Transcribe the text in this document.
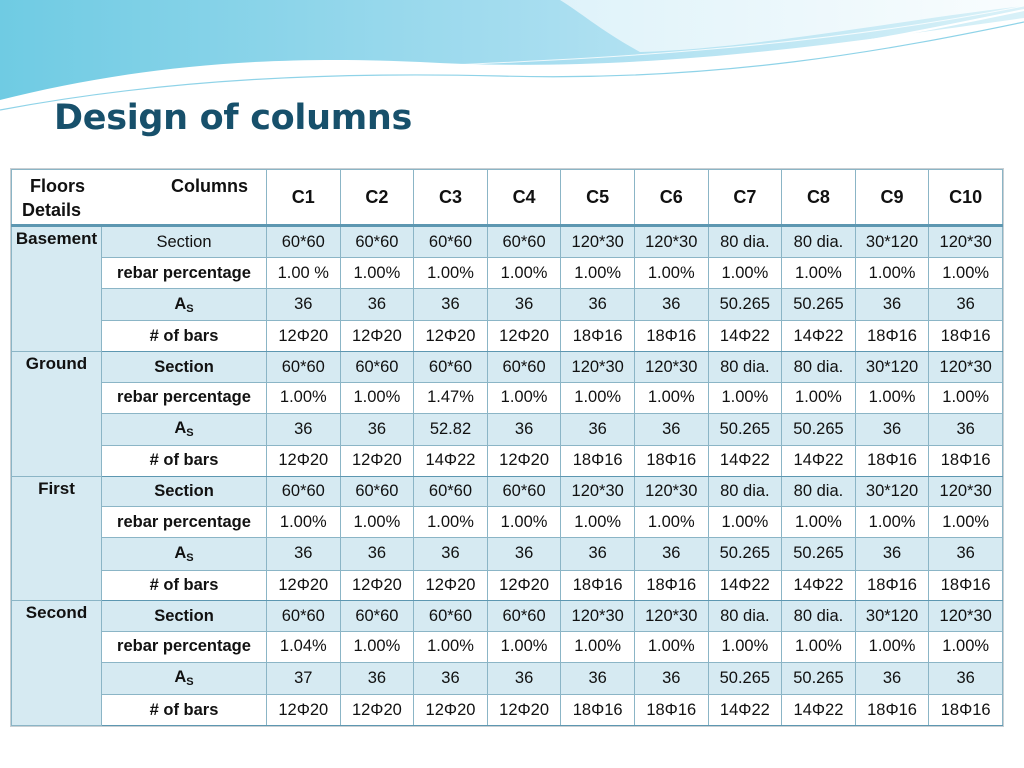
Design of columns
Floors Columns
Details		C1	C2	C3	C4	C5	C6	C7	C8	C9	C10
Basement	Section	60*60	60*60	60*60	60*60	120*30	120*30	80 dia.	80 dia.	30*120	120*30
	rebar percentage	1.00 %	1.00%	1.00%	1.00%	1.00%	1.00%	1.00%	1.00%	1.00%	1.00%
	$A_S$	36	36	36	36	36	36	50.265	50.265	36	36
	# of bars	12Φ20	12Φ20	12Φ20	12Φ20	18Φ16	18Φ16	14Φ22	14Φ22	18Φ16	18Φ16
Ground	Section	60*60	60*60	60*60	60*60	120*30	120*30	80 dia.	80 dia.	30*120	120*30
	rebar percentage	1.00%	1.00%	1.47%	1.00%	1.00%	1.00%	1.00%	1.00%	1.00%	1.00%
	$A_S$	36	36	52.82	36	36	36	50.265	50.265	36	36
	# of bars	12Φ20	12Φ20	14Φ22	12Φ20	18Φ16	18Φ16	14Φ22	14Φ22	18Φ16	18Φ16
First	Section	60*60	60*60	60*60	60*60	120*30	120*30	80 dia.	80 dia.	30*120	120*30
	rebar percentage	1.00%	1.00%	1.00%	1.00%	1.00%	1.00%	1.00%	1.00%	1.00%	1.00%
	$A_S$	36	36	36	36	36	36	50.265	50.265	36	36
	# of bars	12Φ20	12Φ20	12Φ20	12Φ20	18Φ16	18Φ16	14Φ22	14Φ22	18Φ16	18Φ16
Second	Section	60*60	60*60	60*60	60*60	120*30	120*30	80 dia.	80 dia.	30*120	120*30
	rebar percentage	1.04%	1.00%	1.00%	1.00%	1.00%	1.00%	1.00%	1.00%	1.00%	1.00%
	$A_S$	37	36	36	36	36	36	50.265	50.265	36	36
	# of bars	12Φ20	12Φ20	12Φ20	12Φ20	18Φ16	18Φ16	14Φ22	14Φ22	18Φ16	18Φ16
